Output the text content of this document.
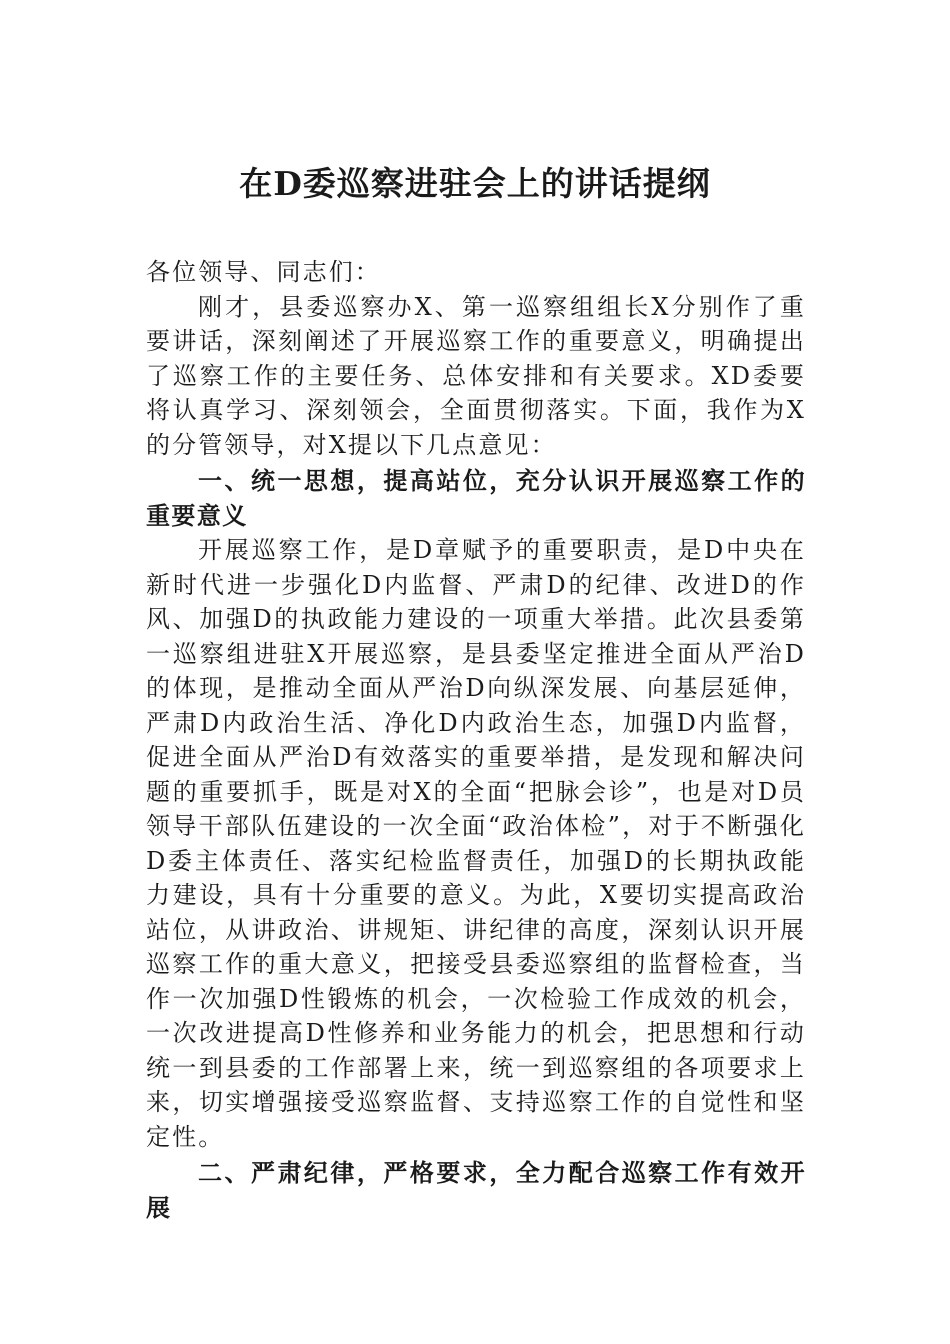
在D委巡察进驻会上的讲话提纲

各位领导、同志们：

刚才，县委巡察办X、第一巡察组组长X分别作了重要讲话，深刻阐述了开展巡察工作的重要意义，明确提出了巡察工作的主要任务、总体安排和有关要求。XD委要将认真学习、深刻领会，全面贯彻落实。下面，我作为X的分管领导，对X提以下几点意见：

一、统一思想，提高站位，充分认识开展巡察工作的重要意义

开展巡察工作，是D章赋予的重要职责，是D中央在新时代进一步强化D内监督、严肃D的纪律、改进D的作风、加强D的执政能力建设的一项重大举措。此次县委第一巡察组进驻X开展巡察，是县委坚定推进全面从严治D的体现，是推动全面从严治D向纵深发展、向基层延伸，严肃D内政治生活、净化D内政治生态，加强D内监督，促进全面从严治D有效落实的重要举措，是发现和解决问题的重要抓手，既是对X的全面“把脉会诊”，也是对D员领导干部队伍建设的一次全面“政治体检”，对于不断强化D委主体责任、落实纪检监督责任，加强D的长期执政能力建设，具有十分重要的意义。为此，X要切实提高政治站位，从讲政治、讲规矩、讲纪律的高度，深刻认识开展巡察工作的重大意义，把接受县委巡察组的监督检查，当作一次加强D性锻炼的机会，一次检验工作成效的机会，一次改进提高D性修养和业务能力的机会，把思想和行动统一到县委的工作部署上来，统一到巡察组的各项要求上来，切实增强接受巡察监督、支持巡察工作的自觉性和坚定性。

二、严肃纪律，严格要求，全力配合巡察工作有效开展
